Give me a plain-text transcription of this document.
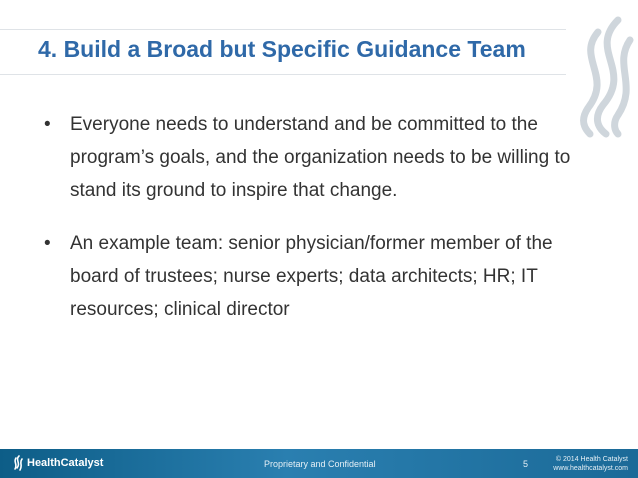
4. Build a Broad but Specific Guidance Team
• Everyone needs to understand and be committed to the program’s goals, and the organization needs to be willing to stand its ground to inspire that change.
• An example team: senior physician/former member of the board of trustees; nurse experts; data architects; HR; IT resources; clinical director
HealthCatalyst	Proprietary and Confidential	5	© 2014 Health Catalyst
www.healthcatalyst.com
